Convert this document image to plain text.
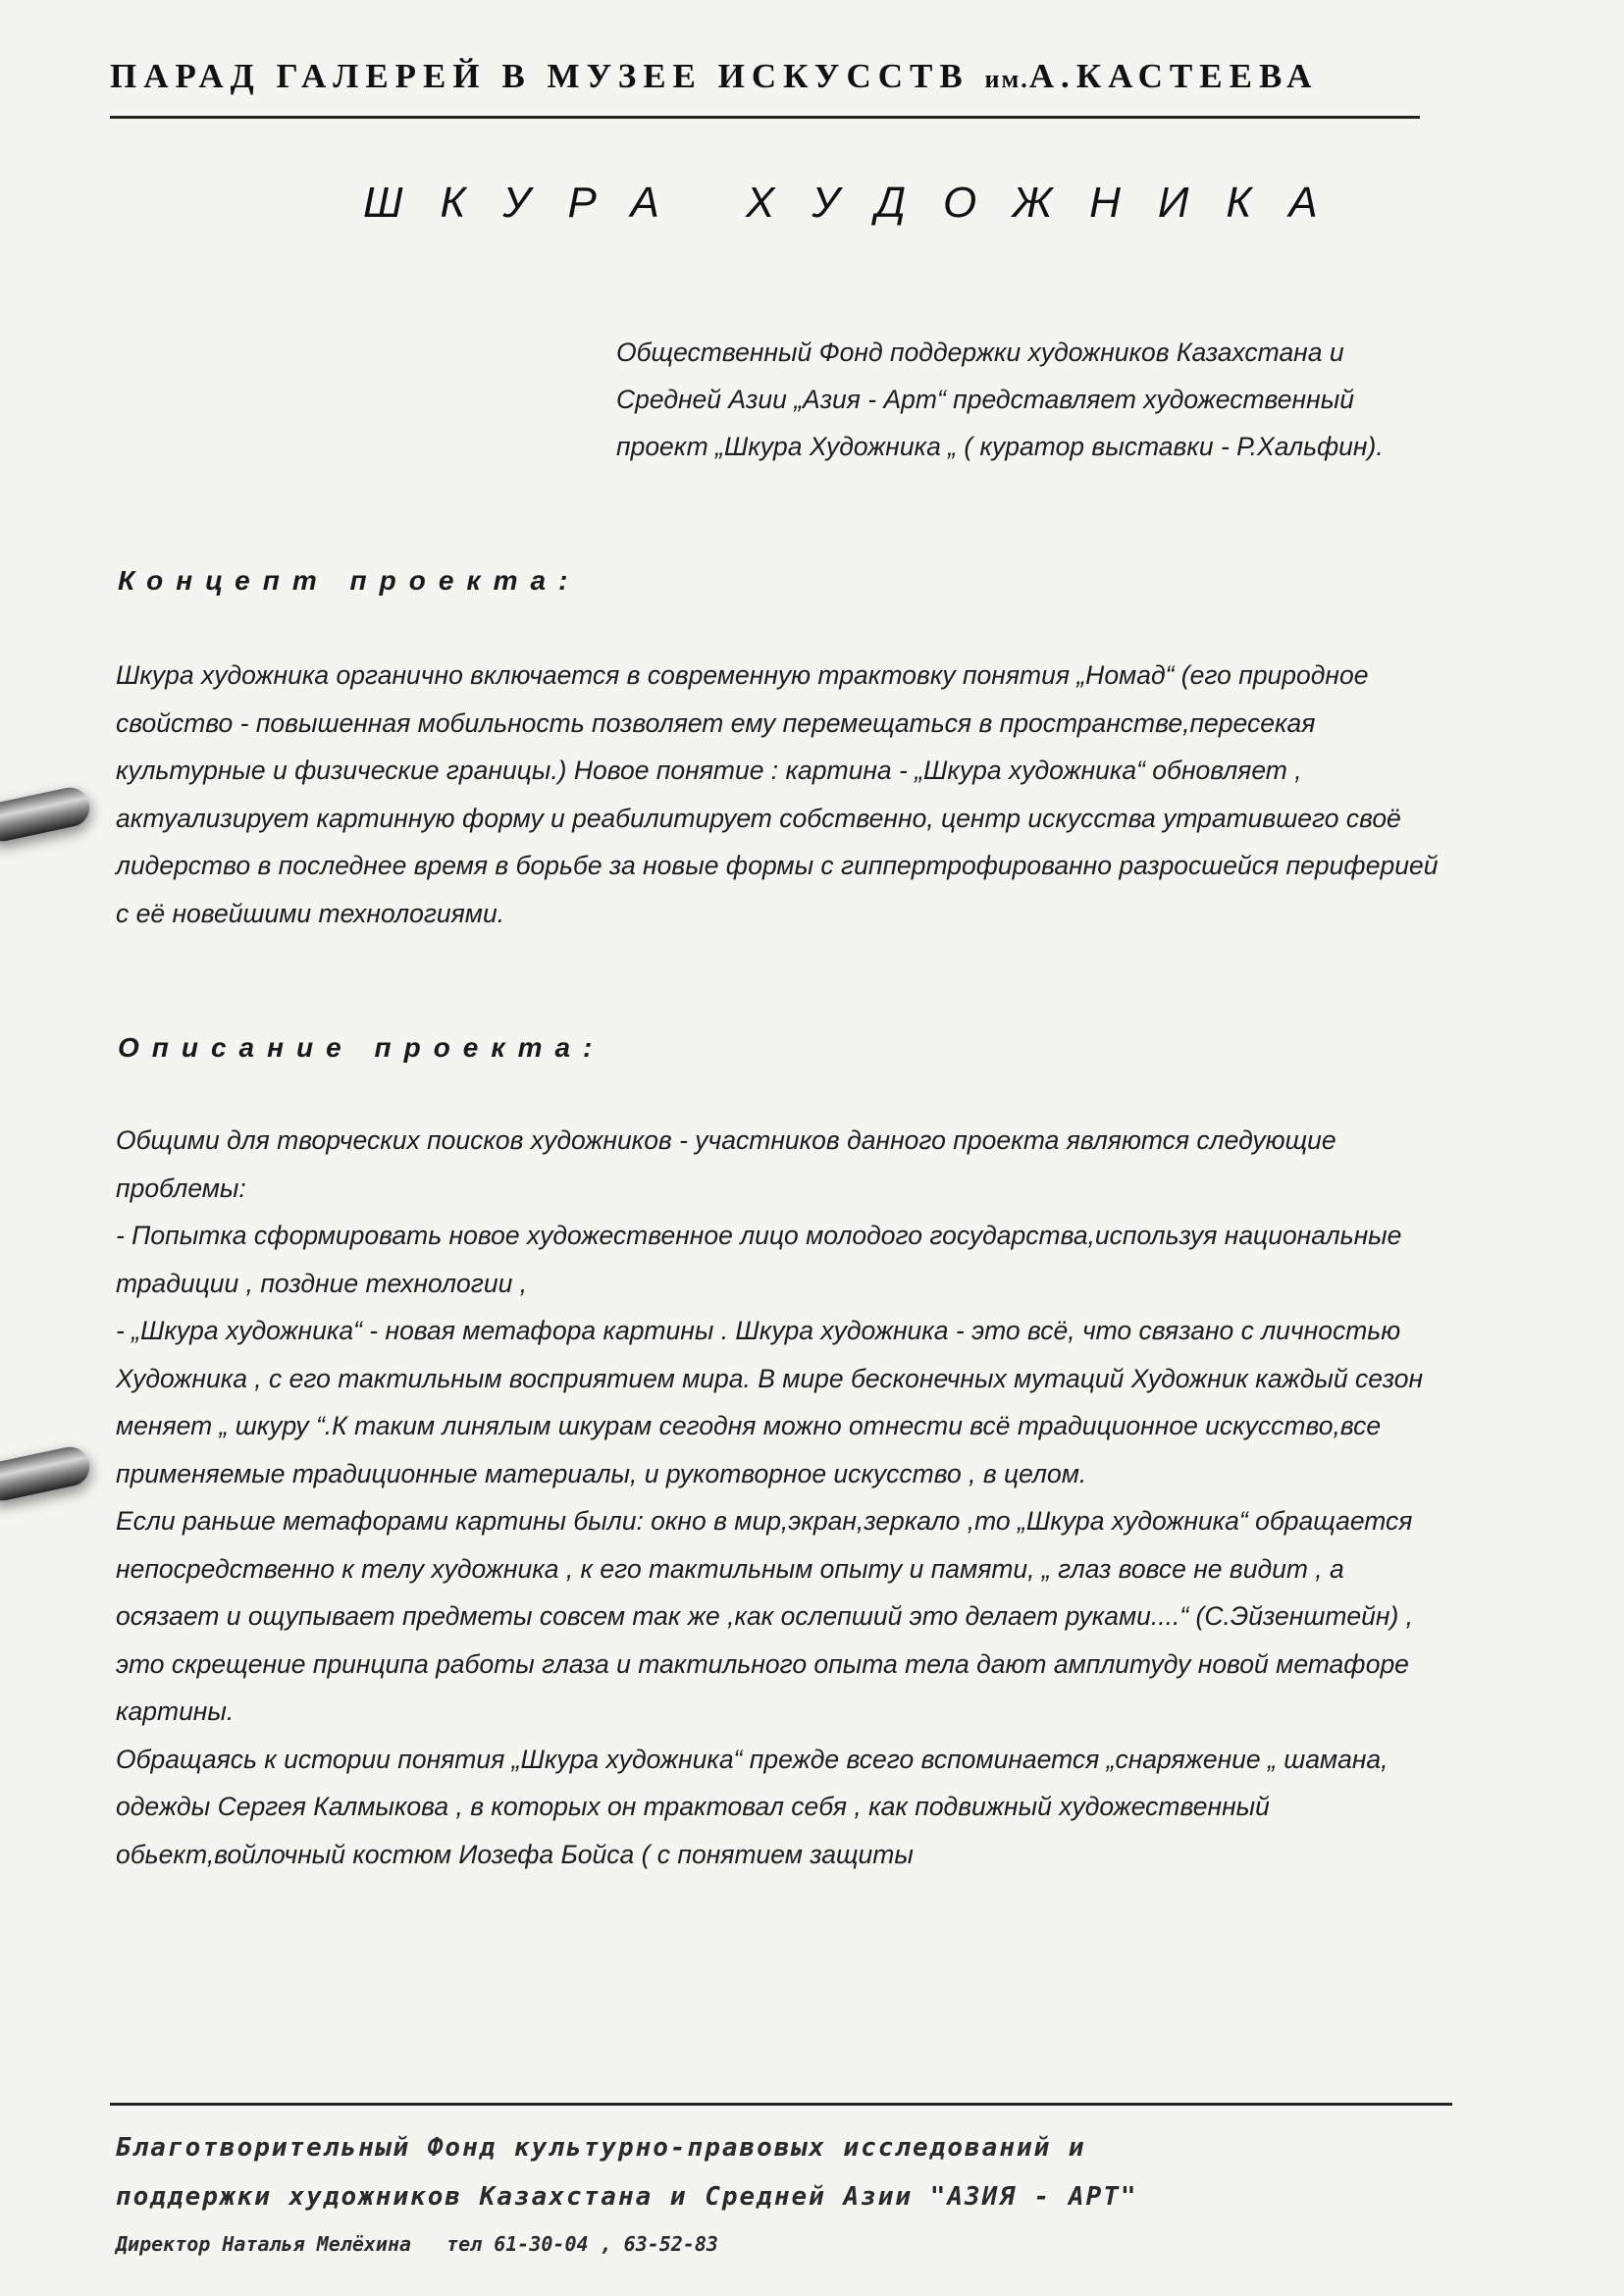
ПАРАД ГАЛЕРЕЙ В МУЗЕЕ ИСКУССТВ им.А.КАСТЕЕВА
ШКУРА ХУДОЖНИКА
Общественный Фонд поддержки художников Казахстана и Средней Азии „Азия - Арт“ представляет художественный проект „Шкура Художника „ ( куратор выставки - Р.Хальфин).
Концепт проекта:
Шкура художника органично включается в современную трактовку понятия „Номад“ (его природное свойство - повышенная мобильность позволяет ему перемещаться в пространстве,пересекая культурные и физические границы.) Новое понятие : картина - „Шкура художника“ обновляет , актуализирует картинную форму и реабилитирует собственно, центр искусства утратившего своё лидерство в последнее время в борьбе за новые формы с гиппертрофированно разросшейся периферией с её новейшими технологиями.
Описание проекта:

Общими для творческих поисков художников - участников данного проекта являются следующие проблемы:

- Попытка сформировать новое художественное лицо молодого государства,используя национальные традиции , поздние технологии ,

- „Шкура художника“ - новая метафора картины . Шкура художника - это всё, что связано с личностью Художника , с его тактильным восприятием мира. В мире бесконечных мутаций Художник каждый сезон меняет „ шкуру “.К таким линялым шкурам сегодня можно отнести всё традиционное искусство,все применяемые традиционные материалы, и рукотворное искусство , в целом.

Если раньше метафорами картины были: окно в мир,экран,зеркало ,то „Шкура художника“ обращается непосредственно к телу художника , к его тактильным опыту и памяти, „ глаз вовсе не видит , а осязает и ощупывает предметы совсем так же ,как ослепший это делает руками....“ (С.Эйзенштейн) , это скрещение принципа работы глаза и тактильного опыта тела дают амплитуду новой метафоре картины.

Обращаясь к истории понятия „Шкура художника“ прежде всего вспоминается „снаряжение „ шамана, одежды Сергея Калмыкова , в которых он трактовал себя , как подвижный художественный обьект,войлочный костюм Иозефа Бойса ( с понятием защиты

Благотворительный Фонд культурно-правовых исследований и
поддержки художников Казахстана и Средней Азии "АЗИЯ - АРТ"
Директор Наталья Мелёхина тел 61-30-04 , 63-52-83
